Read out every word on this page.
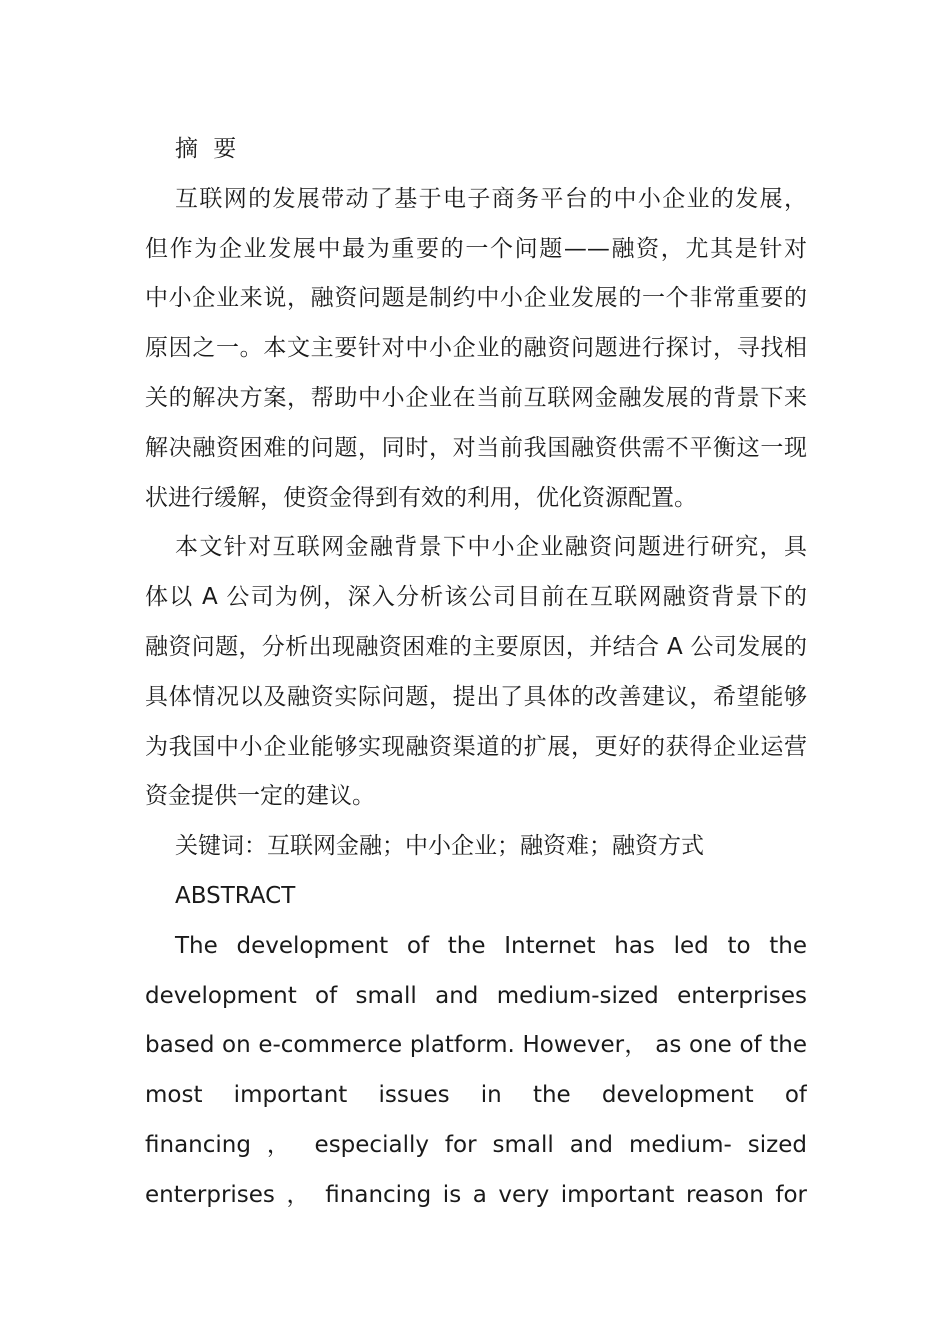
摘 要
互联网的发展带动了基于电子商务平台的中小企业的发展，
但作为企业发展中最为重要的一个问题——融资，尤其是针对
中小企业来说，融资问题是制约中小企业发展的一个非常重要的
原因之一。本文主要针对中小企业的融资问题进行探讨，寻找相
关的解决方案，帮助中小企业在当前互联网金融发展的背景下来
解决融资困难的问题，同时，对当前我国融资供需不平衡这一现
状进行缓解，使资金得到有效的利用，优化资源配置。
本文针对互联网金融背景下中小企业融资问题进行研究，具
体以 A 公司为例，深入分析该公司目前在互联网融资背景下的
融资问题，分析出现融资困难的主要原因，并结合 A 公司发展的
具体情况以及融资实际问题，提出了具体的改善建议，希望能够
为我国中小企业能够实现融资渠道的扩展，更好的获得企业运营
资金提供一定的建议。
关键词：互联网金融；中小企业；融资难；融资方式
ABSTRACT
The development of the Internet has led to the
development of small and medium-sized enterprises
based on e-commerce platform. However， as one of the
most important issues in the development of
financing ， especially for small and medium- sized
enterprises ， financing is a very important reason for
